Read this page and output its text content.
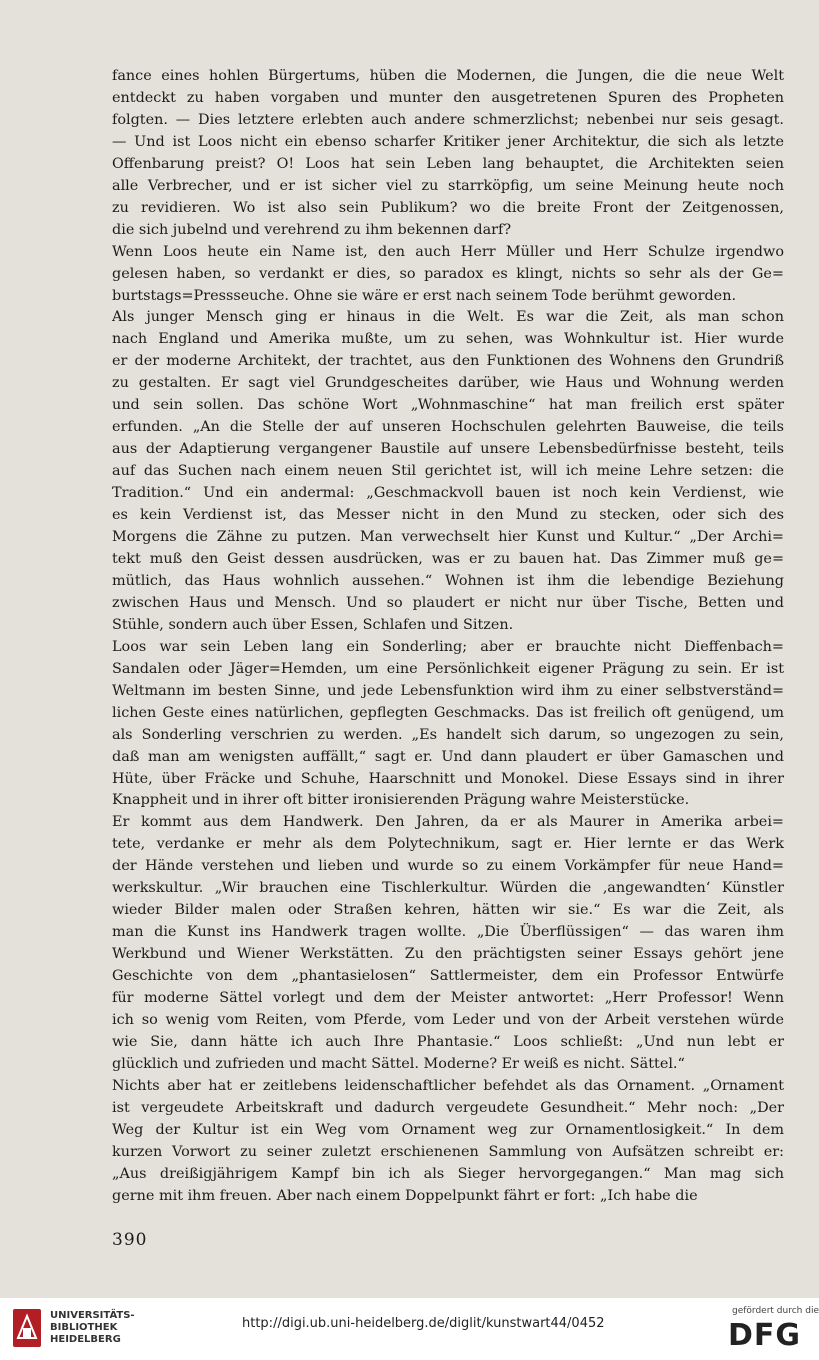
fance eines hohlen Bürgertums, hüben die Modernen, die Jungen, die die neue Welt
entdeckt zu haben vorgaben und munter den ausgetretenen Spuren des Propheten
folgten. — Dies letztere erlebten auch andere schmerzlichst; nebenbei nur seis gesagt.
— Und ist Loos nicht ein ebenso scharfer Kritiker jener Architektur, die sich als letzte
Offenbarung preist? O! Loos hat sein Leben lang behauptet, die Architekten seien
alle Verbrecher, und er ist sicher viel zu starrköpfig, um seine Meinung heute noch
zu revidieren. Wo ist also sein Publikum? wo die breite Front der Zeitgenossen,
die sich jubelnd und verehrend zu ihm bekennen darf?
Wenn Loos heute ein Name ist, den auch Herr Müller und Herr Schulze irgendwo
gelesen haben, so verdankt er dies, so paradox es klingt, nichts so sehr als der Ge=
burtstags=Pressseuche. Ohne sie wäre er erst nach seinem Tode berühmt geworden.
Als junger Mensch ging er hinaus in die Welt. Es war die Zeit, als man schon
nach England und Amerika mußte, um zu sehen, was Wohnkultur ist. Hier wurde
er der moderne Architekt, der trachtet, aus den Funktionen des Wohnens den Grundriß
zu gestalten. Er sagt viel Grundgescheites darüber, wie Haus und Wohnung werden
und sein sollen. Das schöne Wort „Wohnmaschine“ hat man freilich erst später
erfunden. „An die Stelle der auf unseren Hochschulen gelehrten Bauweise, die teils
aus der Adaptierung vergangener Baustile auf unsere Lebensbedürfnisse besteht, teils
auf das Suchen nach einem neuen Stil gerichtet ist, will ich meine Lehre setzen: die
Tradition.“ Und ein andermal: „Geschmackvoll bauen ist noch kein Verdienst, wie
es kein Verdienst ist, das Messer nicht in den Mund zu stecken, oder sich des
Morgens die Zähne zu putzen. Man verwechselt hier Kunst und Kultur.“ „Der Archi=
tekt muß den Geist dessen ausdrücken, was er zu bauen hat. Das Zimmer muß ge=
mütlich, das Haus wohnlich aussehen.“ Wohnen ist ihm die lebendige Beziehung
zwischen Haus und Mensch. Und so plaudert er nicht nur über Tische, Betten und
Stühle, sondern auch über Essen, Schlafen und Sitzen.
Loos war sein Leben lang ein Sonderling; aber er brauchte nicht Dieffenbach=
Sandalen oder Jäger=Hemden, um eine Persönlichkeit eigener Prägung zu sein. Er ist
Weltmann im besten Sinne, und jede Lebensfunktion wird ihm zu einer selbstverständ=
lichen Geste eines natürlichen, gepflegten Geschmacks. Das ist freilich oft genügend, um
als Sonderling verschrien zu werden. „Es handelt sich darum, so ungezogen zu sein,
daß man am wenigsten auffällt,“ sagt er. Und dann plaudert er über Gamaschen und
Hüte, über Fräcke und Schuhe, Haarschnitt und Monokel. Diese Essays sind in ihrer
Knappheit und in ihrer oft bitter ironisierenden Prägung wahre Meisterstücke.
Er kommt aus dem Handwerk. Den Jahren, da er als Maurer in Amerika arbei=
tete, verdanke er mehr als dem Polytechnikum, sagt er. Hier lernte er das Werk
der Hände verstehen und lieben und wurde so zu einem Vorkämpfer für neue Hand=
werkskultur. „Wir brauchen eine Tischlerkultur. Würden die ‚angewandten‘ Künstler
wieder Bilder malen oder Straßen kehren, hätten wir sie.“ Es war die Zeit, als
man die Kunst ins Handwerk tragen wollte. „Die Überflüssigen“ — das waren ihm
Werkbund und Wiener Werkstätten. Zu den prächtigsten seiner Essays gehört jene
Geschichte von dem „phantasielosen“ Sattlermeister, dem ein Professor Entwürfe
für moderne Sättel vorlegt und dem der Meister antwortet: „Herr Professor! Wenn
ich so wenig vom Reiten, vom Pferde, vom Leder und von der Arbeit verstehen würde
wie Sie, dann hätte ich auch Ihre Phantasie.“ Loos schließt: „Und nun lebt er
glücklich und zufrieden und macht Sättel. Moderne? Er weiß es nicht. Sättel.“
Nichts aber hat er zeitlebens leidenschaftlicher befehdet als das Ornament. „Ornament
ist vergeudete Arbeitskraft und dadurch vergeudete Gesundheit.“ Mehr noch: „Der
Weg der Kultur ist ein Weg vom Ornament weg zur Ornamentlosigkeit.“ In dem
kurzen Vorwort zu seiner zuletzt erschienenen Sammlung von Aufsätzen schreibt er:
„Aus dreißigjährigem Kampf bin ich als Sieger hervorgegangen.“ Man mag sich
gerne mit ihm freuen. Aber nach einem Doppelpunkt fährt er fort: „Ich habe die
390
UNIVERSITÄTS-
BIBLIOTHEK
HEIDELBERG
http://digi.ub.uni-heidelberg.de/diglit/kunstwart44/0452
gefördert durch die
DFG
